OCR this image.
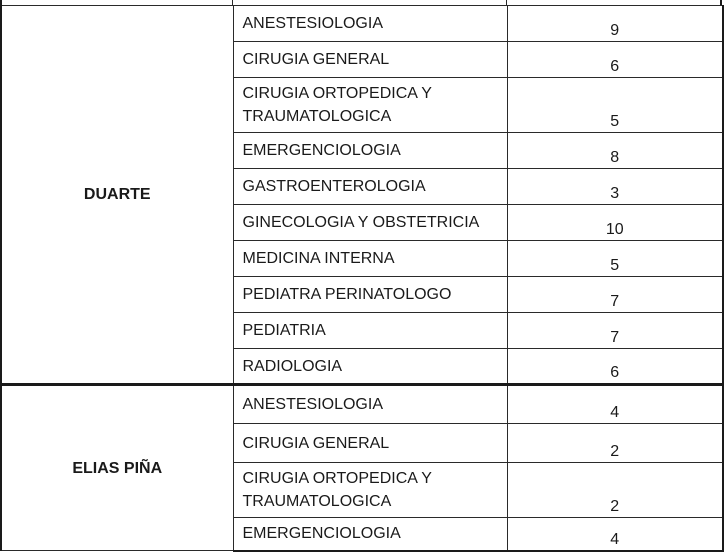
DUARTE	ANESTESIOLOGIA	9
	CIRUGIA GENERAL	6
	CIRUGIA ORTOPEDICA Y TRAUMATOLOGICA	5
	EMERGENCIOLOGIA	8
	GASTROENTEROLOGIA	3
	GINECOLOGIA Y OBSTETRICIA	10
	MEDICINA INTERNA	5
	PEDIATRA PERINATOLOGO	7
	PEDIATRIA	7
	RADIOLOGIA	6
ELIAS PIÑA	ANESTESIOLOGIA	4
	CIRUGIA GENERAL	2
	CIRUGIA ORTOPEDICA Y TRAUMATOLOGICA	2
	EMERGENCIOLOGIA	4
